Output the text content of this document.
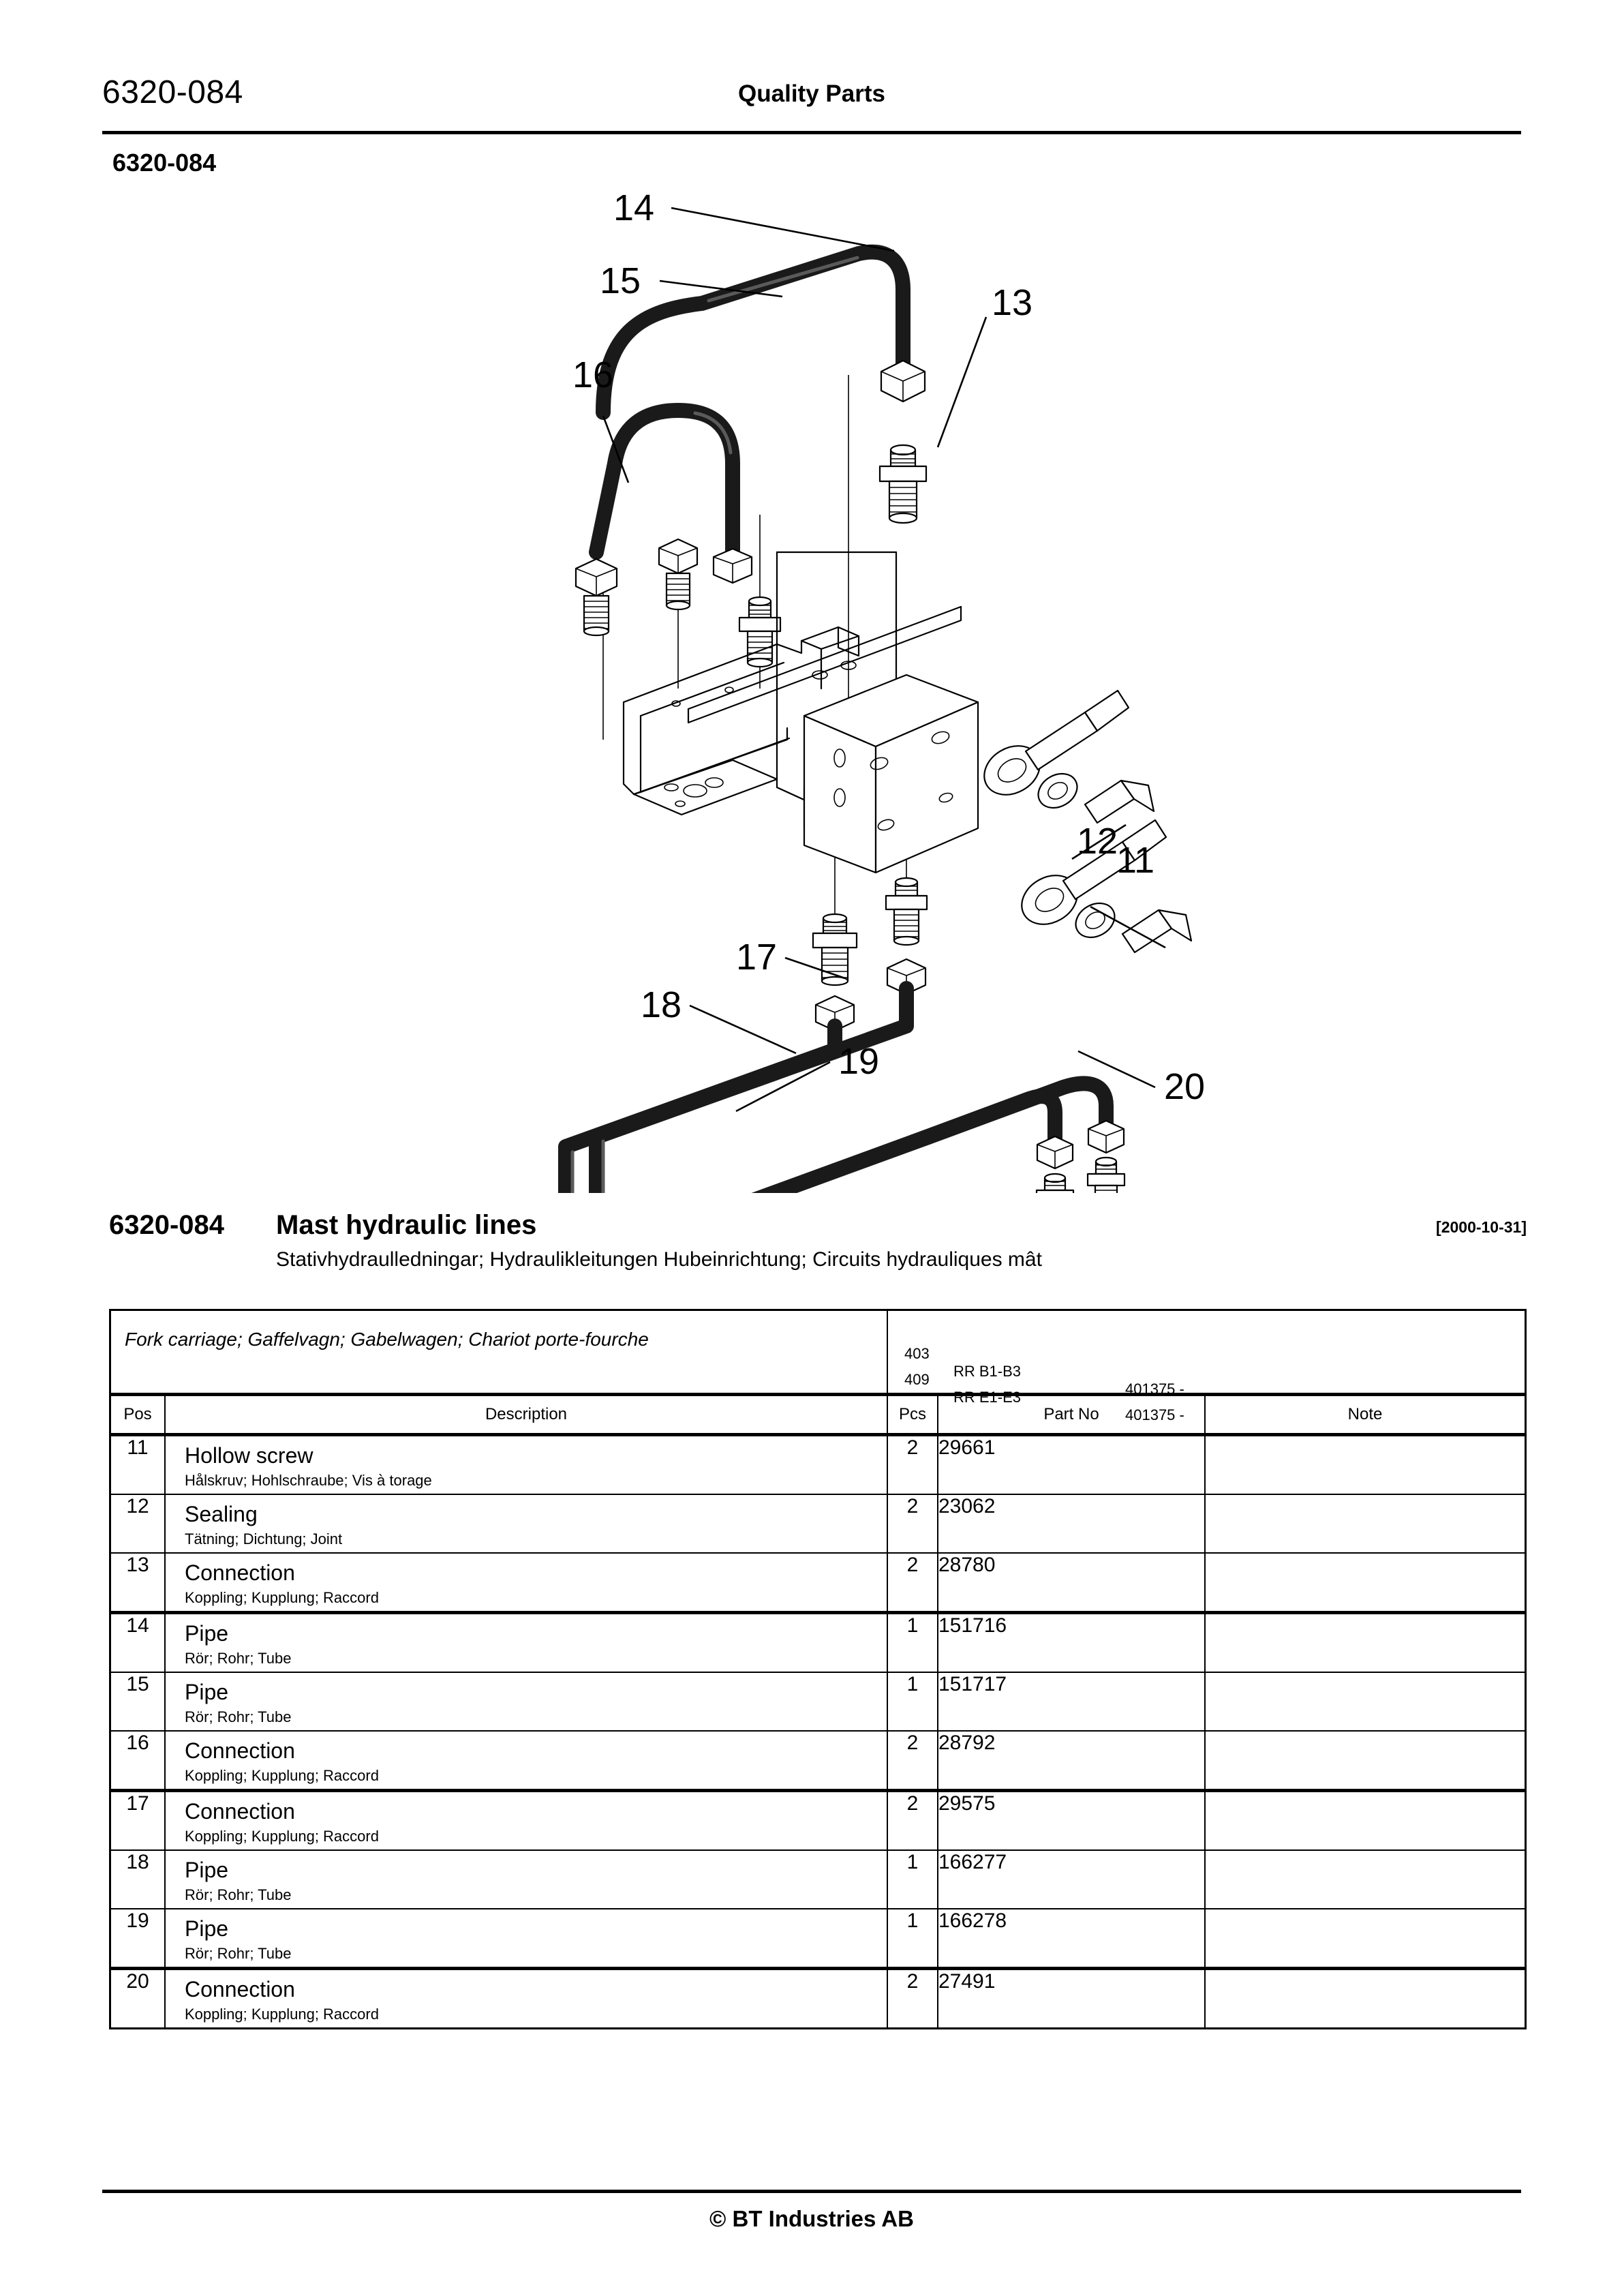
6320-084	Quality Parts
6320-084
14
15
16
13
12
11
17
18
19
20
6320-084 Mast hydraulic lines
Stativhydraulledningar; Hydraulikleitungen Hubeinrichtung; Circuits hydrauliques mât
[2000-10-31]
Fork carriage; Gaffelvagn; Gabelwagen; Chariot porte-fourche

403

RR B1-B3

401375 -

409

RR E1-E3

401375 -

Pos	Description	Pcs	Part No	Note
11	Hollow screw
Hålskruv; Hohlschraube; Vis à torage	2	29661	
12	Sealing
Tätning; Dichtung; Joint	2	23062	
13	Connection
Koppling; Kupplung; Raccord	2	28780	
14	Pipe
Rör; Rohr; Tube	1	151716	
15	Pipe
Rör; Rohr; Tube	1	151717	
16	Connection
Koppling; Kupplung; Raccord	2	28792	
17	Connection
Koppling; Kupplung; Raccord	2	29575	
18	Pipe
Rör; Rohr; Tube	1	166277	
19	Pipe
Rör; Rohr; Tube	1	166278	
20	Connection
Koppling; Kupplung; Raccord	2	27491	
© BT Industries AB
